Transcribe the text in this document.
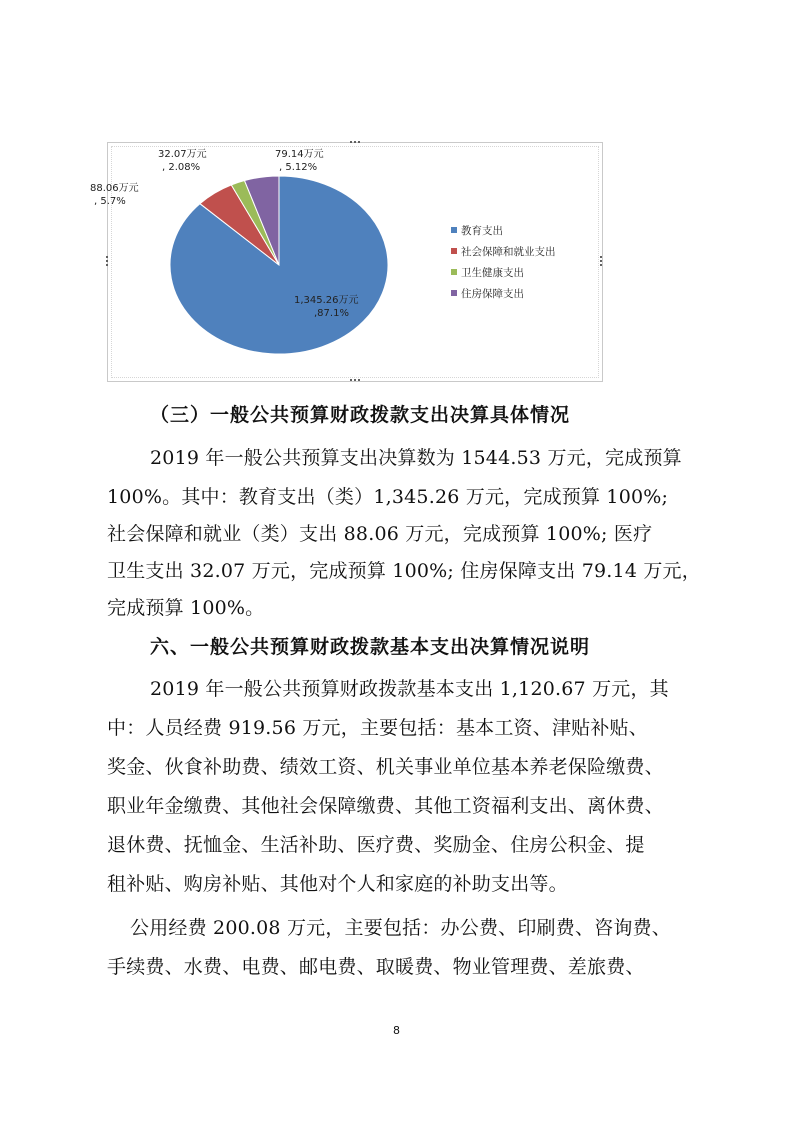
1,345.26万元
,87.1%
88.06万元
, 5.7%
32.07万元
, 2.08%
79.14万元
, 5.12%
教育支出
社会保障和就业支出
卫生健康支出
住房保障支出
（三）一般公共预算财政拨款支出决算具体情况
2019 年一般公共预算支出决算数为 1544.53 万元，完成预算
100%。其中：教育支出（类）1,345.26 万元，完成预算 100%;
社会保障和就业（类）支出 88.06 万元，完成预算 100%; 医疗
卫生支出 32.07 万元，完成预算 100%; 住房保障支出 79.14 万元，
完成预算 100%。
六、一般公共预算财政拨款基本支出决算情况说明
2019 年一般公共预算财政拨款基本支出 1,120.67 万元，其
中：人员经费 919.56 万元，主要包括：基本工资、津贴补贴、
奖金、伙食补助费、绩效工资、机关事业单位基本养老保险缴费、
职业年金缴费、其他社会保障缴费、其他工资福利支出、离休费、
退休费、抚恤金、生活补助、医疗费、奖励金、住房公积金、提
租补贴、购房补贴、其他对个人和家庭的补助支出等。
公用经费 200.08 万元，主要包括：办公费、印刷费、咨询费、
手续费、水费、电费、邮电费、取暖费、物业管理费、差旅费、
8
